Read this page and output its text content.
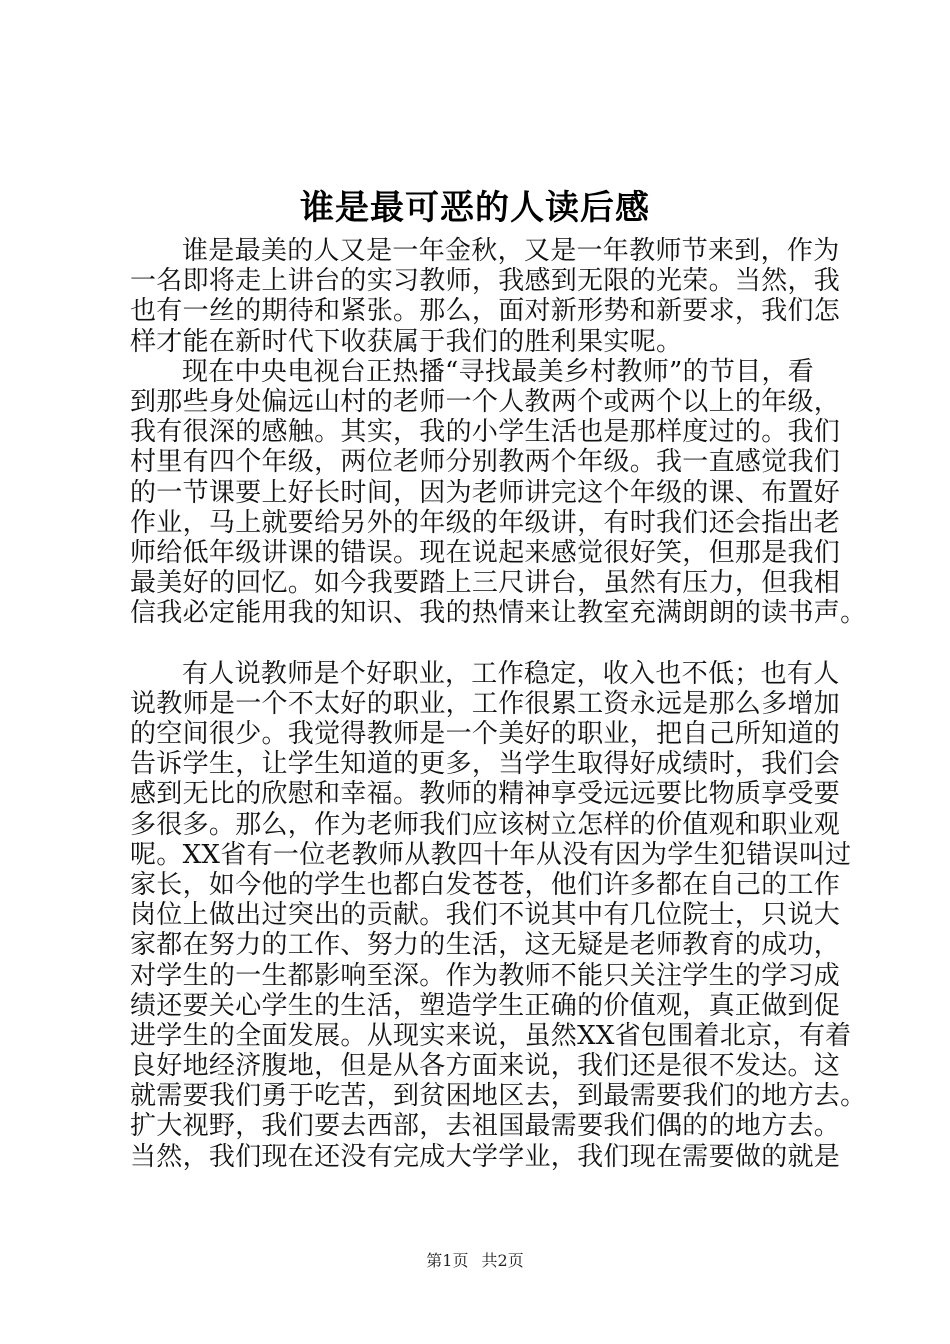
谁是最可恶的人读后感
谁是最美的人又是一年金秋，又是一年教师节来到，作为
一名即将走上讲台的实习教师，我感到无限的光荣。当然，我
也有一丝的期待和紧张。那么，面对新形势和新要求，我们怎
样才能在新时代下收获属于我们的胜利果实呢。
现在中央电视台正热播“寻找最美乡村教师”的节目，看
到那些身处偏远山村的老师一个人教两个或两个以上的年级，
我有很深的感触。其实，我的小学生活也是那样度过的。我们
村里有四个年级，两位老师分别教两个年级。我一直感觉我们
的一节课要上好长时间，因为老师讲完这个年级的课、布置好
作业，马上就要给另外的年级的年级讲，有时我们还会指出老
师给低年级讲课的错误。现在说起来感觉很好笑，但那是我们
最美好的回忆。如今我要踏上三尺讲台，虽然有压力，但我相
信我必定能用我的知识、我的热情来让教室充满朗朗的读书声。
有人说教师是个好职业，工作稳定，收入也不低；也有人
说教师是一个不太好的职业，工作很累工资永远是那么多增加
的空间很少。我觉得教师是一个美好的职业，把自己所知道的
告诉学生，让学生知道的更多，当学生取得好成绩时，我们会
感到无比的欣慰和幸福。教师的精神享受远远要比物质享受要
多很多。那么，作为老师我们应该树立怎样的价值观和职业观
呢。XX省有一位老教师从教四十年从没有因为学生犯错误叫过
家长，如今他的学生也都白发苍苍，他们许多都在自己的工作
岗位上做出过突出的贡献。我们不说其中有几位院士，只说大
家都在努力的工作、努力的生活，这无疑是老师教育的成功，
对学生的一生都影响至深。作为教师不能只关注学生的学习成
绩还要关心学生的生活，塑造学生正确的价值观，真正做到促
进学生的全面发展。从现实来说，虽然XX省包围着北京，有着
良好地经济腹地，但是从各方面来说，我们还是很不发达。这
就需要我们勇于吃苦，到贫困地区去，到最需要我们的地方去。
扩大视野，我们要去西部，去祖国最需要我们偶的的地方去。
当然，我们现在还没有完成大学学业，我们现在需要做的就是
第1页 共2页
